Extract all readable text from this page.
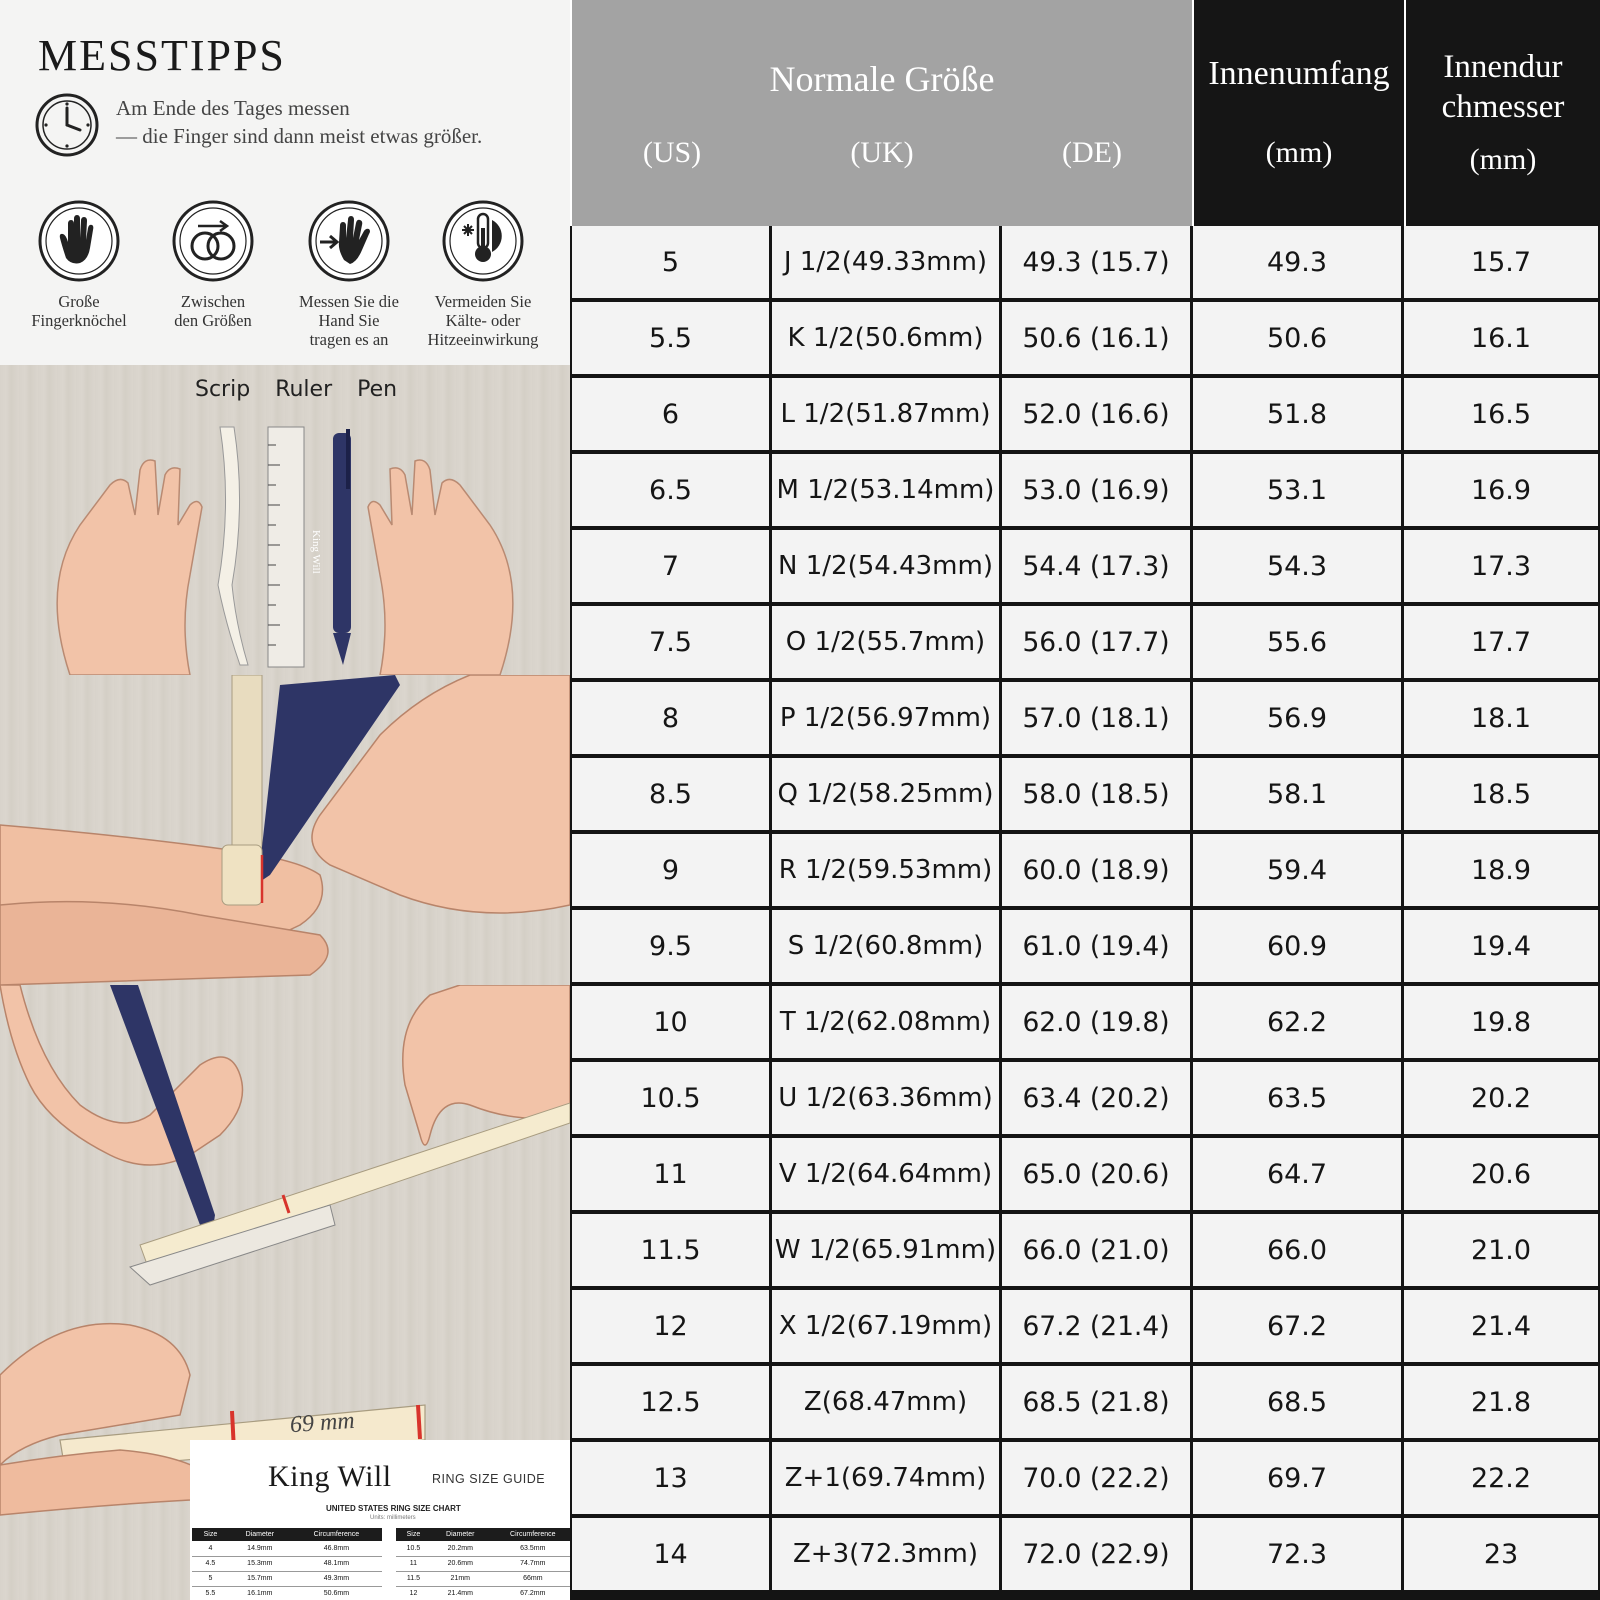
MESSTIPPS
Am Ende des Tages messen
— die Finger sind dann meist etwas größer.
Große
Fingerknöchel
Zwischen
den Größen
Messen Sie die
Hand Sie
tragen es an
Vermeiden Sie
Kälte- oder
Hitzeeinwirkung
Scrip Ruler Pen
69 mm
King Will	RING SIZE GUIDE
UNITED STATES RING SIZE CHART
Units: millimeters
Size	Diameter	Circumference
4	14.9mm	46.8mm
4.5	15.3mm	48.1mm
5	15.7mm	49.3mm
5.5	16.1mm	50.6mm
Size	Diameter	Circumference
10.5	20.2mm	63.5mm
11	20.6mm	74.7mm
11.5	21mm	66mm
12	21.4mm	67.2mm
King Will
Normale Größe
(US)	(UK)	(DE)
Innenumfang
(mm)
Innendur
chmesser
(mm)
5	J 1/2(49.33mm)	49.3 (15.7)	49.3	15.7
5.5	K 1/2(50.6mm)	50.6 (16.1)	50.6	16.1
6	L 1/2(51.87mm)	52.0 (16.6)	51.8	16.5
6.5	M 1/2(53.14mm)	53.0 (16.9)	53.1	16.9
7	N 1/2(54.43mm)	54.4 (17.3)	54.3	17.3
7.5	O 1/2(55.7mm)	56.0 (17.7)	55.6	17.7
8	P 1/2(56.97mm)	57.0 (18.1)	56.9	18.1
8.5	Q 1/2(58.25mm)	58.0 (18.5)	58.1	18.5
9	R 1/2(59.53mm)	60.0 (18.9)	59.4	18.9
9.5	S 1/2(60.8mm)	61.0 (19.4)	60.9	19.4
10	T 1/2(62.08mm)	62.0 (19.8)	62.2	19.8
10.5	U 1/2(63.36mm)	63.4 (20.2)	63.5	20.2
11	V 1/2(64.64mm)	65.0 (20.6)	64.7	20.6
11.5	W 1/2(65.91mm) 66.0 (21.0)	66.0	21.0
12	X 1/2(67.19mm)	67.2 (21.4)	67.2	21.4
12.5	Z(68.47mm)	68.5 (21.8)	68.5	21.8
13	Z+1(69.74mm)	70.0 (22.2)	69.7	22.2
14	Z+3(72.3mm)	72.0 (22.9)	72.3	23
